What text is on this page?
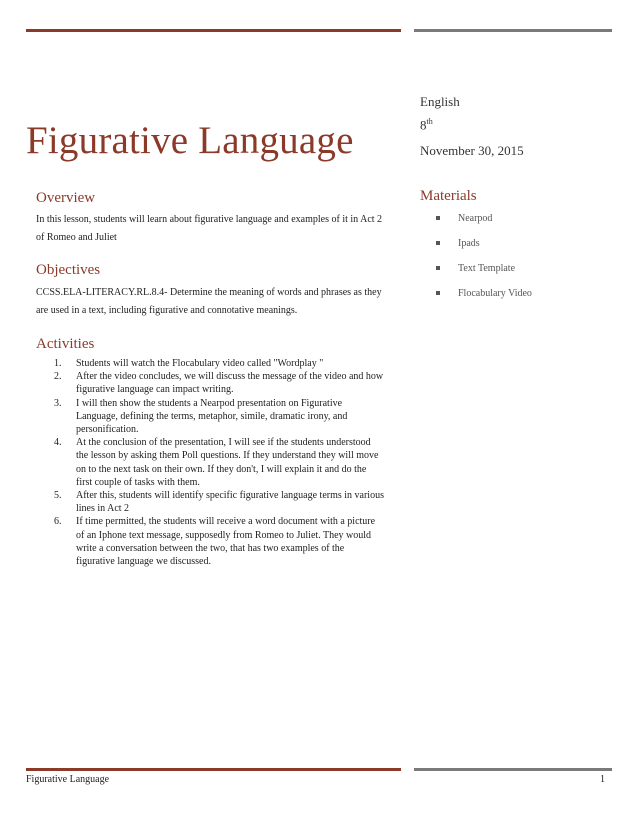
Figurative Language
English
8th
November 30, 2015
Overview

In this lesson, students will learn about figurative language and examples of it in Act 2 of Romeo and Juliet

Objectives

CCSS.ELA-LITERACY.RL.8.4- Determine the meaning of words and phrases as they are used in a text, including figurative and connotative meanings.

Activities
1. Students will watch the Flocabulary video called "Wordplay "
2. After the video concludes, we will discuss the message of the video and how figurative language can impact writing.
3. I will then show the students a Nearpod presentation on Figurative Language, defining the terms, metaphor, simile, dramatic irony, and personification.
4. At the conclusion of the presentation, I will see if the students understood the lesson by asking them Poll questions. If they understand they will move on to the next task on their own. If they don't, I will explain it and do the first couple of tasks with them.
5. After this, students will identify specific figurative language terms in various lines in Act 2
6. If time permitted, the students will receive a word document with a picture of an Iphone text message, supposedly from Romeo to Juliet. They would write a conversation between the two, that has two examples of the figurative language we discussed.
Materials
Nearpod
Ipads
Text Template
Flocabulary Video
Figurative Language	1
